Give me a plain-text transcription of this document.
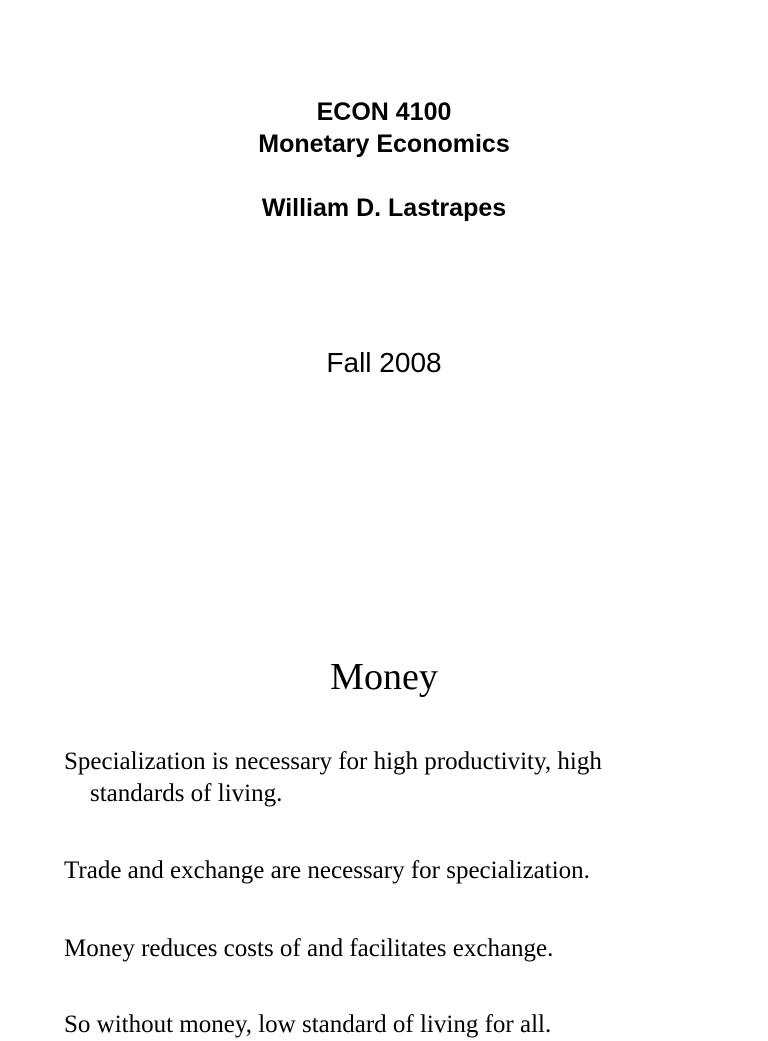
ECON 4100
Monetary Economics
William D. Lastrapes
Fall 2008
Money

Specialization is necessary for high productivity, high standards of living.

Trade and exchange are necessary for specialization.

Money reduces costs of and facilitates exchange.

So without money, low standard of living for all.
